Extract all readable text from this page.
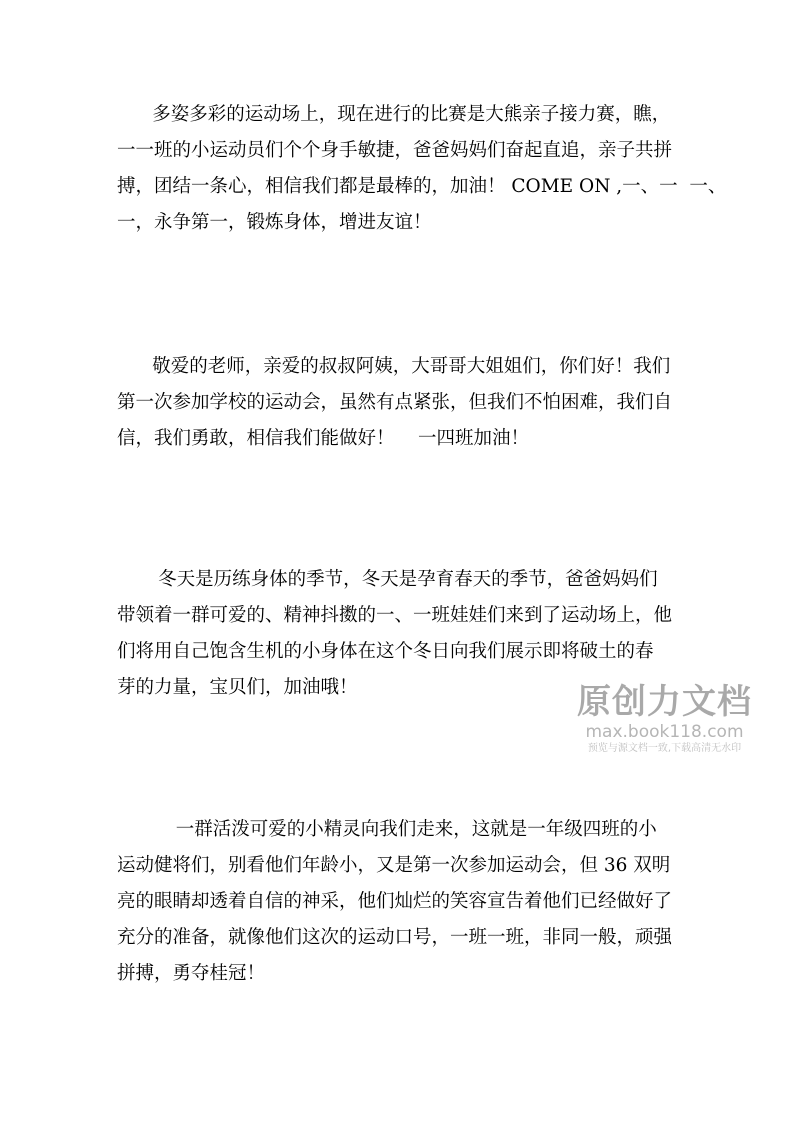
多姿多彩的运动场上，现在进行的比赛是大熊亲子接力赛，瞧，
一一班的小运动员们个个身手敏捷，爸爸妈妈们奋起直追，亲子共拼
搏，团结一条心，相信我们都是最棒的，加油！ COME ON ,一、一  一、
一，永争第一，锻炼身体，增进友谊！
敬爱的老师，亲爱的叔叔阿姨，大哥哥大姐姐们，你们好！我们
第一次参加学校的运动会，虽然有点紧张，但我们不怕困难，我们自
信，我们勇敢，相信我们能做好！    一四班加油！
冬天是历练身体的季节，冬天是孕育春天的季节，爸爸妈妈们
带领着一群可爱的、精神抖擞的一、一班娃娃们来到了运动场上，他
们将用自己饱含生机的小身体在这个冬日向我们展示即将破土的春
芽的力量，宝贝们，加油哦！
一群活泼可爱的小精灵向我们走来，这就是一年级四班的小
运动健将们，别看他们年龄小，又是第一次参加运动会，但 36 双明
亮的眼睛却透着自信的神采，他们灿烂的笑容宣告着他们已经做好了
充分的准备，就像他们这次的运动口号，一班一班，非同一般，顽强
拼搏，勇夺桂冠！
原创力文档
max.book118.com
预览与源文档一致,下载高清无水印
